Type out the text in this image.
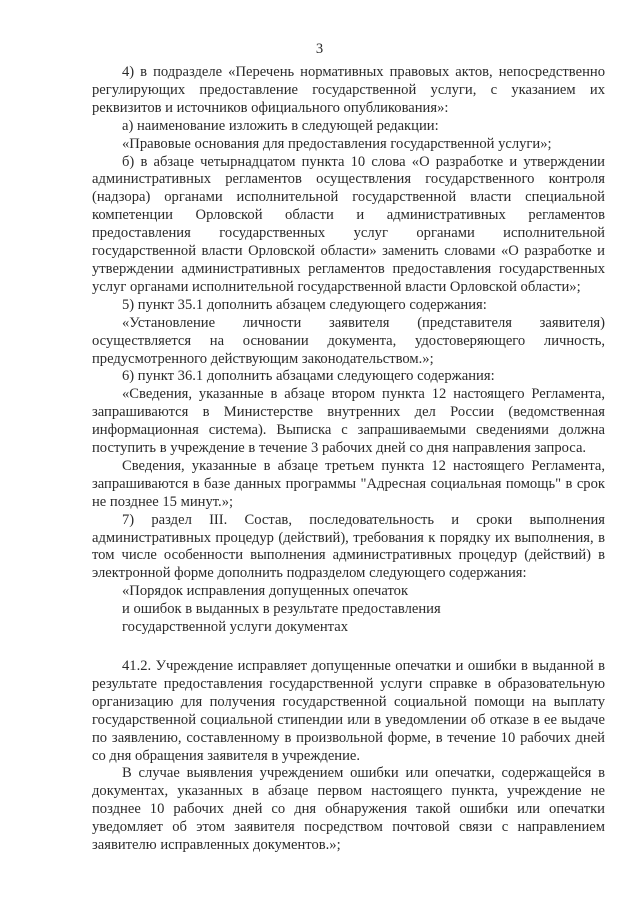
3

4) в подразделе «Перечень нормативных правовых актов, непосредственно регулирующих предоставление государственной услуги, с указанием их реквизитов и источников официального опубликования»:

а) наименование изложить в следующей редакции:

«Правовые основания для предоставления государственной услуги»;

б) в абзаце четырнадцатом пункта 10 слова «О разработке и утверждении административных регламентов осуществления государственного контроля (надзора) органами исполнительной государственной власти специальной компетенции Орловской области и административных регламентов предоставления государственных услуг органами исполнительной государственной власти Орловской области» заменить словами «О разработке и утверждении административных регламентов предоставления государственных услуг органами исполнительной государственной власти Орловской области»;

5) пункт 35.1 дополнить абзацем следующего содержания:

«Установление личности заявителя (представителя заявителя) осуществляется на основании документа, удостоверяющего личность, предусмотренного действующим законодательством.»;

6) пункт 36.1 дополнить абзацами следующего содержания:

«Сведения, указанные в абзаце втором пункта 12 настоящего Регламента, запрашиваются в Министерстве внутренних дел России (ведомственная информационная система). Выписка с запрашиваемыми сведениями должна поступить в учреждение в течение 3 рабочих дней со дня направления запроса.

Сведения, указанные в абзаце третьем пункта 12 настоящего Регламента, запрашиваются в базе данных программы "Адресная социальная помощь" в срок не позднее 15 минут.»;

7) раздел III. Состав, последовательность и сроки выполнения административных процедур (действий), требования к порядку их выполнения, в том числе особенности выполнения административных процедур (действий) в электронной форме дополнить подразделом следующего содержания:

«Порядок исправления допущенных опечаток

и ошибок в выданных в результате предоставления

государственной услуги документах

41.2. Учреждение исправляет допущенные опечатки и ошибки в выданной в результате предоставления государственной услуги справке в образовательную организацию для получения государственной социальной помощи на выплату государственной социальной стипендии или в уведомлении об отказе в ее выдаче по заявлению, составленному в произвольной форме, в течение 10 рабочих дней со дня обращения заявителя в учреждение.

В случае выявления учреждением ошибки или опечатки, содержащейся в документах, указанных в абзаце первом настоящего пункта, учреждение не позднее 10 рабочих дней со дня обнаружения такой ошибки или опечатки уведомляет об этом заявителя посредством почтовой связи с направлением заявителю исправленных документов.»;
